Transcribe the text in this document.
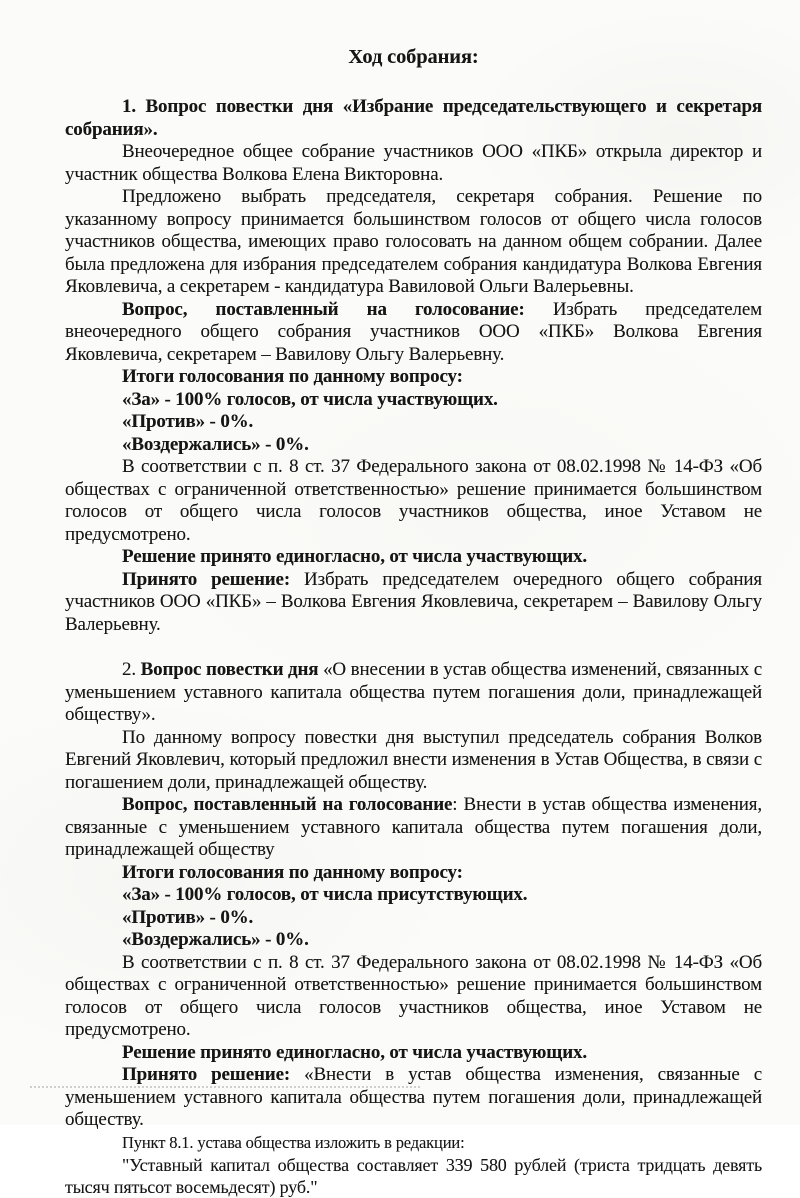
Ход собрания:

1. Вопрос повестки дня «Избрание председательствующего и секретаря собрания».

Внеочередное общее собрание участников ООО «ПКБ» открыла директор и участник общества Волкова Елена Викторовна.

Предложено выбрать председателя, секретаря собрания. Решение по указанному вопросу принимается большинством голосов от общего числа голосов участников общества, имеющих право голосовать на данном общем собрании. Далее была предложена для избрания председателем собрания кандидатура Волкова Евгения Яковлевича, а секретарем - кандидатура Вавиловой Ольги Валерьевны.

Вопрос, поставленный на голосование: Избрать председателем внеочередного общего собрания участников ООО «ПКБ» Волкова Евгения Яковлевича, секретарем – Вавилову Ольгу Валерьевну.

Итоги голосования по данному вопросу:

«За» - 100% голосов, от числа участвующих.

«Против» - 0%.

«Воздержались» - 0%.

В соответствии с п. 8 ст. 37 Федерального закона от 08.02.1998 № 14-ФЗ «Об обществах с ограниченной ответственностью» решение принимается большинством голосов от общего числа голосов участников общества, иное Уставом не предусмотрено.

Решение принято единогласно, от числа участвующих.

Принято решение: Избрать председателем очередного общего собрания участников ООО «ПКБ» – Волкова Евгения Яковлевича, секретарем – Вавилову Ольгу Валерьевну.

2. Вопрос повестки дня «О внесении в устав общества изменений, связанных с уменьшением уставного капитала общества путем погашения доли, принадлежащей обществу».

По данному вопросу повестки дня выступил председатель собрания Волков Евгений Яковлевич, который предложил внести изменения в Устав Общества, в связи с погашением доли, принадлежащей обществу.

Вопрос, поставленный на голосование: Внести в устав общества изменения, связанные с уменьшением уставного капитала общества путем погашения доли, принадлежащей обществу

Итоги голосования по данному вопросу:

«За» - 100% голосов, от числа присутствующих.

«Против» - 0%.

«Воздержались» - 0%.

В соответствии с п. 8 ст. 37 Федерального закона от 08.02.1998 № 14-ФЗ «Об обществах с ограниченной ответственностью» решение принимается большинством голосов от общего числа голосов участников общества, иное Уставом не предусмотрено.

Решение принято единогласно, от числа участвующих.

Принято решение: «Внести в устав общества изменения, связанные с уменьшением уставного капитала общества путем погашения доли, принадлежащей обществу.

Пункт 8.1. устава общества изложить в редакции:

"Уставный капитал общества составляет 339 580 рублей (триста тридцать девять тысяч пятьсот восемьдесят) руб."
